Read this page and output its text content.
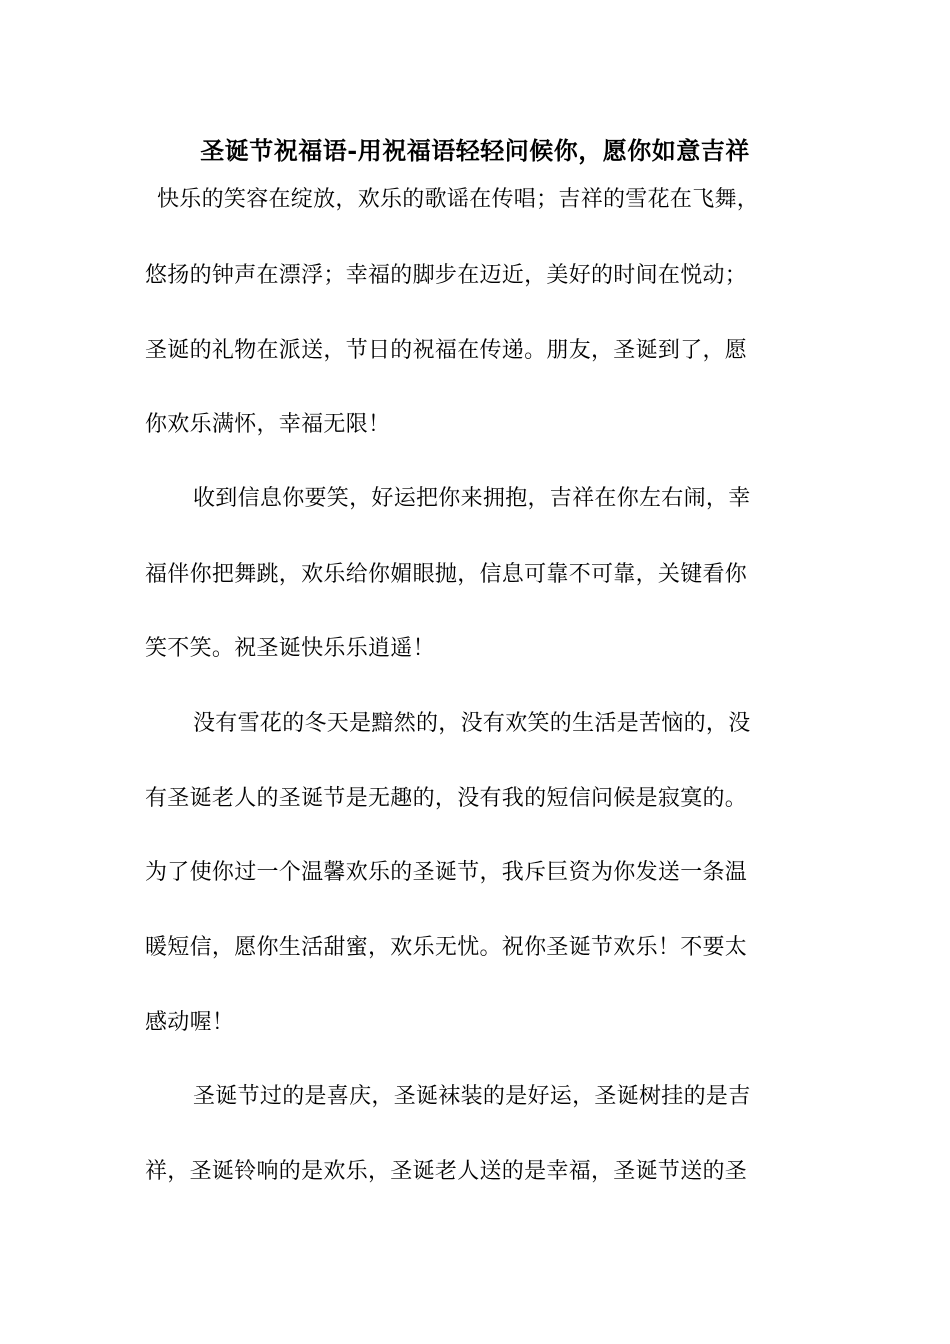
圣诞节祝福语-用祝福语轻轻问候你，愿你如意吉祥
快乐的笑容在绽放，欢乐的歌谣在传唱；吉祥的雪花在飞舞，
悠扬的钟声在漂浮；幸福的脚步在迈近，美好的时间在悦动；
圣诞的礼物在派送，节日的祝福在传递。朋友，圣诞到了，愿
你欢乐满怀，幸福无限！
收到信息你要笑，好运把你来拥抱，吉祥在你左右闹，幸
福伴你把舞跳，欢乐给你媚眼抛，信息可靠不可靠，关键看你
笑不笑。祝圣诞快乐乐逍遥！
没有雪花的冬天是黯然的，没有欢笑的生活是苦恼的，没
有圣诞老人的圣诞节是无趣的，没有我的短信问候是寂寞的。
为了使你过一个温馨欢乐的圣诞节，我斥巨资为你发送一条温
暖短信，愿你生活甜蜜，欢乐无忧。祝你圣诞节欢乐！不要太
感动喔！
圣诞节过的是喜庆，圣诞袜装的是好运，圣诞树挂的是吉
祥，圣诞铃响的是欢乐，圣诞老人送的是幸福，圣诞节送的圣
